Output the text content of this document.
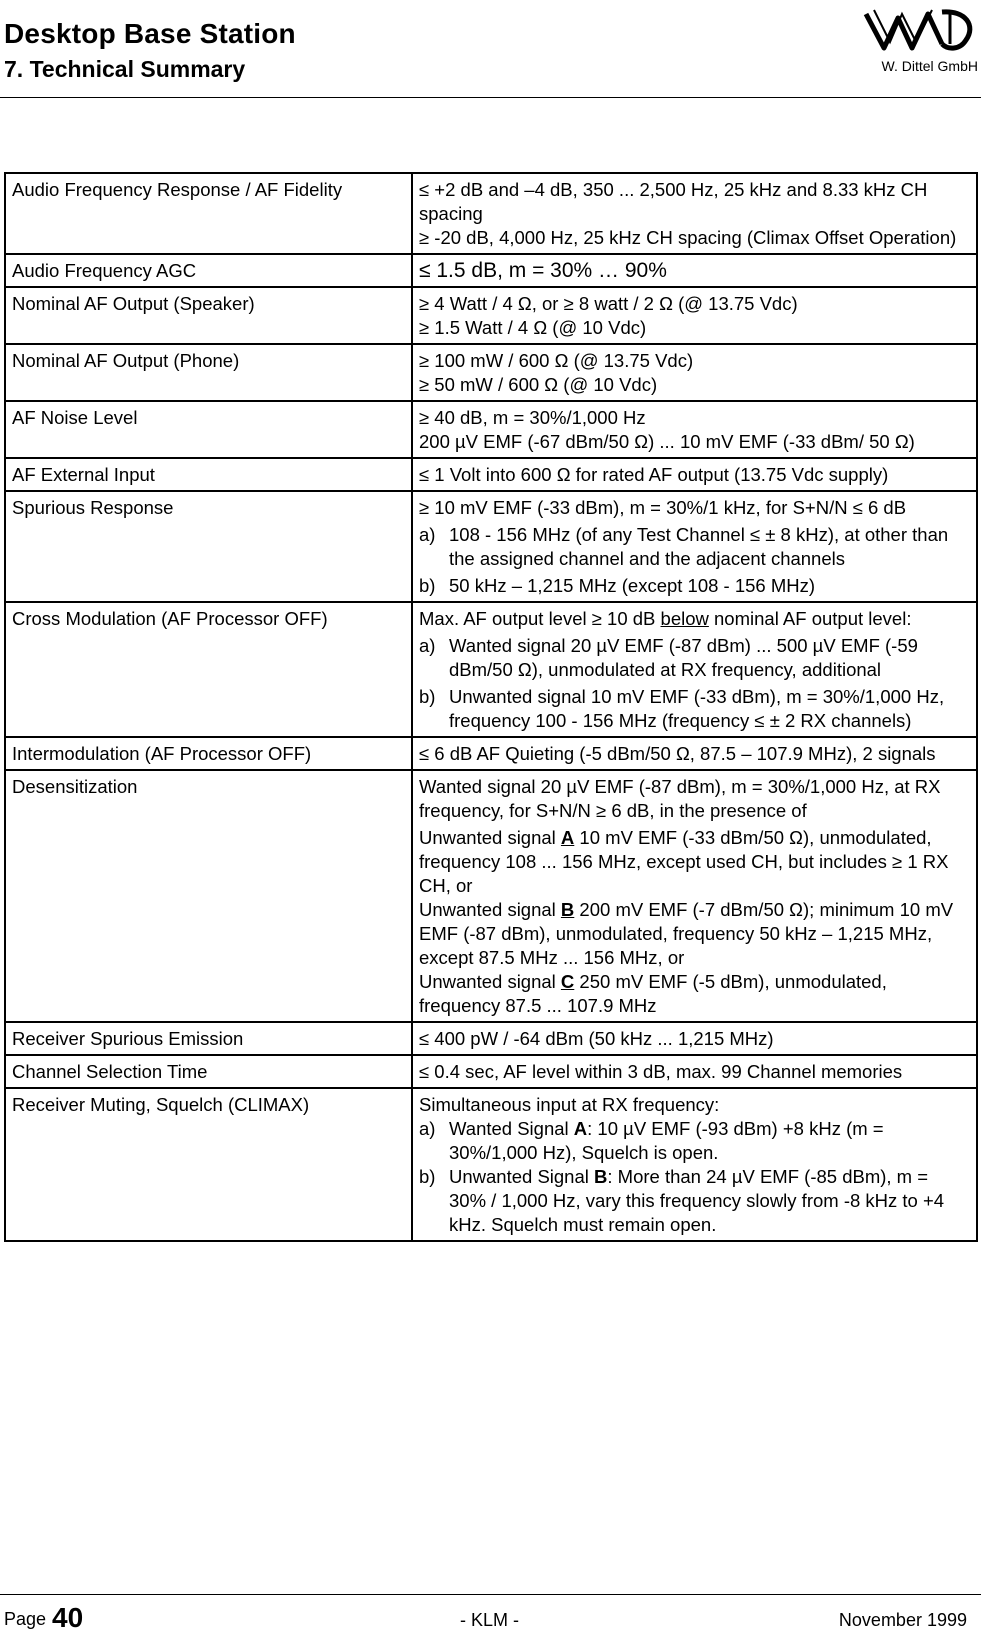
Desktop Base Station
7. Technical Summary	W. Dittel GmbH
Audio Frequency Response / AF Fidelity	≤ +2 dB and –4 dB, 350 ... 2,500 Hz, 25 kHz and 8.33 kHz CH spacing
≥ -20 dB, 4,000 Hz, 25 kHz CH spacing (Climax Offset Operation)

Audio Frequency AGC	≤ 1.5 dB, m = 30% … 90%

Nominal AF Output (Speaker)	≥ 4 Watt / 4 Ω, or ≥ 8 watt / 2 Ω (@ 13.75 Vdc)
≥ 1.5 Watt / 4 Ω (@ 10 Vdc)

Nominal AF Output (Phone)	≥ 100 mW / 600 Ω (@ 13.75 Vdc)
≥ 50 mW / 600 Ω (@ 10 Vdc)

AF Noise Level	≥ 40 dB, m = 30%/1,000 Hz
200 µV EMF (-67 dBm/50 Ω) ... 10 mV EMF (-33 dBm/ 50 Ω)

AF External Input	≤ 1 Volt into 600 Ω for rated AF output (13.75 Vdc supply)

Spurious Response	≥ 10 mV EMF (-33 dBm), m = 30%/1 kHz, for S+N/N ≤ 6 dB
a) 108 - 156 MHz (of any Test Channel ≤ ± 8 kHz), at other than the assigned channel and the adjacent channels
b) 50 kHz – 1,215 MHz (except 108 - 156 MHz)

Cross Modulation (AF Processor OFF)	Max. AF output level ≥ 10 dB below nominal AF output level:
a) Wanted signal 20 µV EMF (-87 dBm) ... 500 µV EMF (-59 dBm/50 Ω), unmodulated at RX frequency, additional
b) Unwanted signal 10 mV EMF (-33 dBm), m = 30%/1,000 Hz, frequency 100 - 156 MHz (frequency ≤ ± 2 RX channels)

Intermodulation (AF Processor OFF)	≤ 6 dB AF Quieting (-5 dBm/50 Ω, 87.5 – 107.9 MHz), 2 signals

Desensitization	Wanted signal 20 µV EMF (-87 dBm), m = 30%/1,000 Hz, at RX frequency, for S+N/N ≥ 6 dB, in the presence of
Unwanted signal A 10 mV EMF (-33 dBm/50 Ω), unmodulated, frequency 108 ... 156 MHz, except used CH, but includes ≥ 1 RX CH, or
Unwanted signal B 200 mV EMF (-7 dBm/50 Ω); minimum 10 mV EMF (-87 dBm), unmodulated, frequency 50 kHz – 1,215 MHz, except 87.5 MHz ... 156 MHz, or
Unwanted signal C 250 mV EMF (-5 dBm), unmodulated, frequency 87.5 ... 107.9 MHz

Receiver Spurious Emission	≤ 400 pW / -64 dBm (50 kHz ... 1,215 MHz)

Channel Selection Time	≤ 0.4 sec, AF level within 3 dB, max. 99 Channel memories

Receiver Muting, Squelch (CLIMAX)	Simultaneous input at RX frequency:
a) Wanted Signal A: 10 µV EMF (-93 dBm) +8 kHz (m = 30%/1,000 Hz), Squelch is open.
b) Unwanted Signal B: More than 24 µV EMF (-85 dBm), m = 30% / 1,000 Hz, vary this frequency slowly from -8 kHz to +4 kHz. Squelch must remain open.
Page 40	- KLM -	November 1999
